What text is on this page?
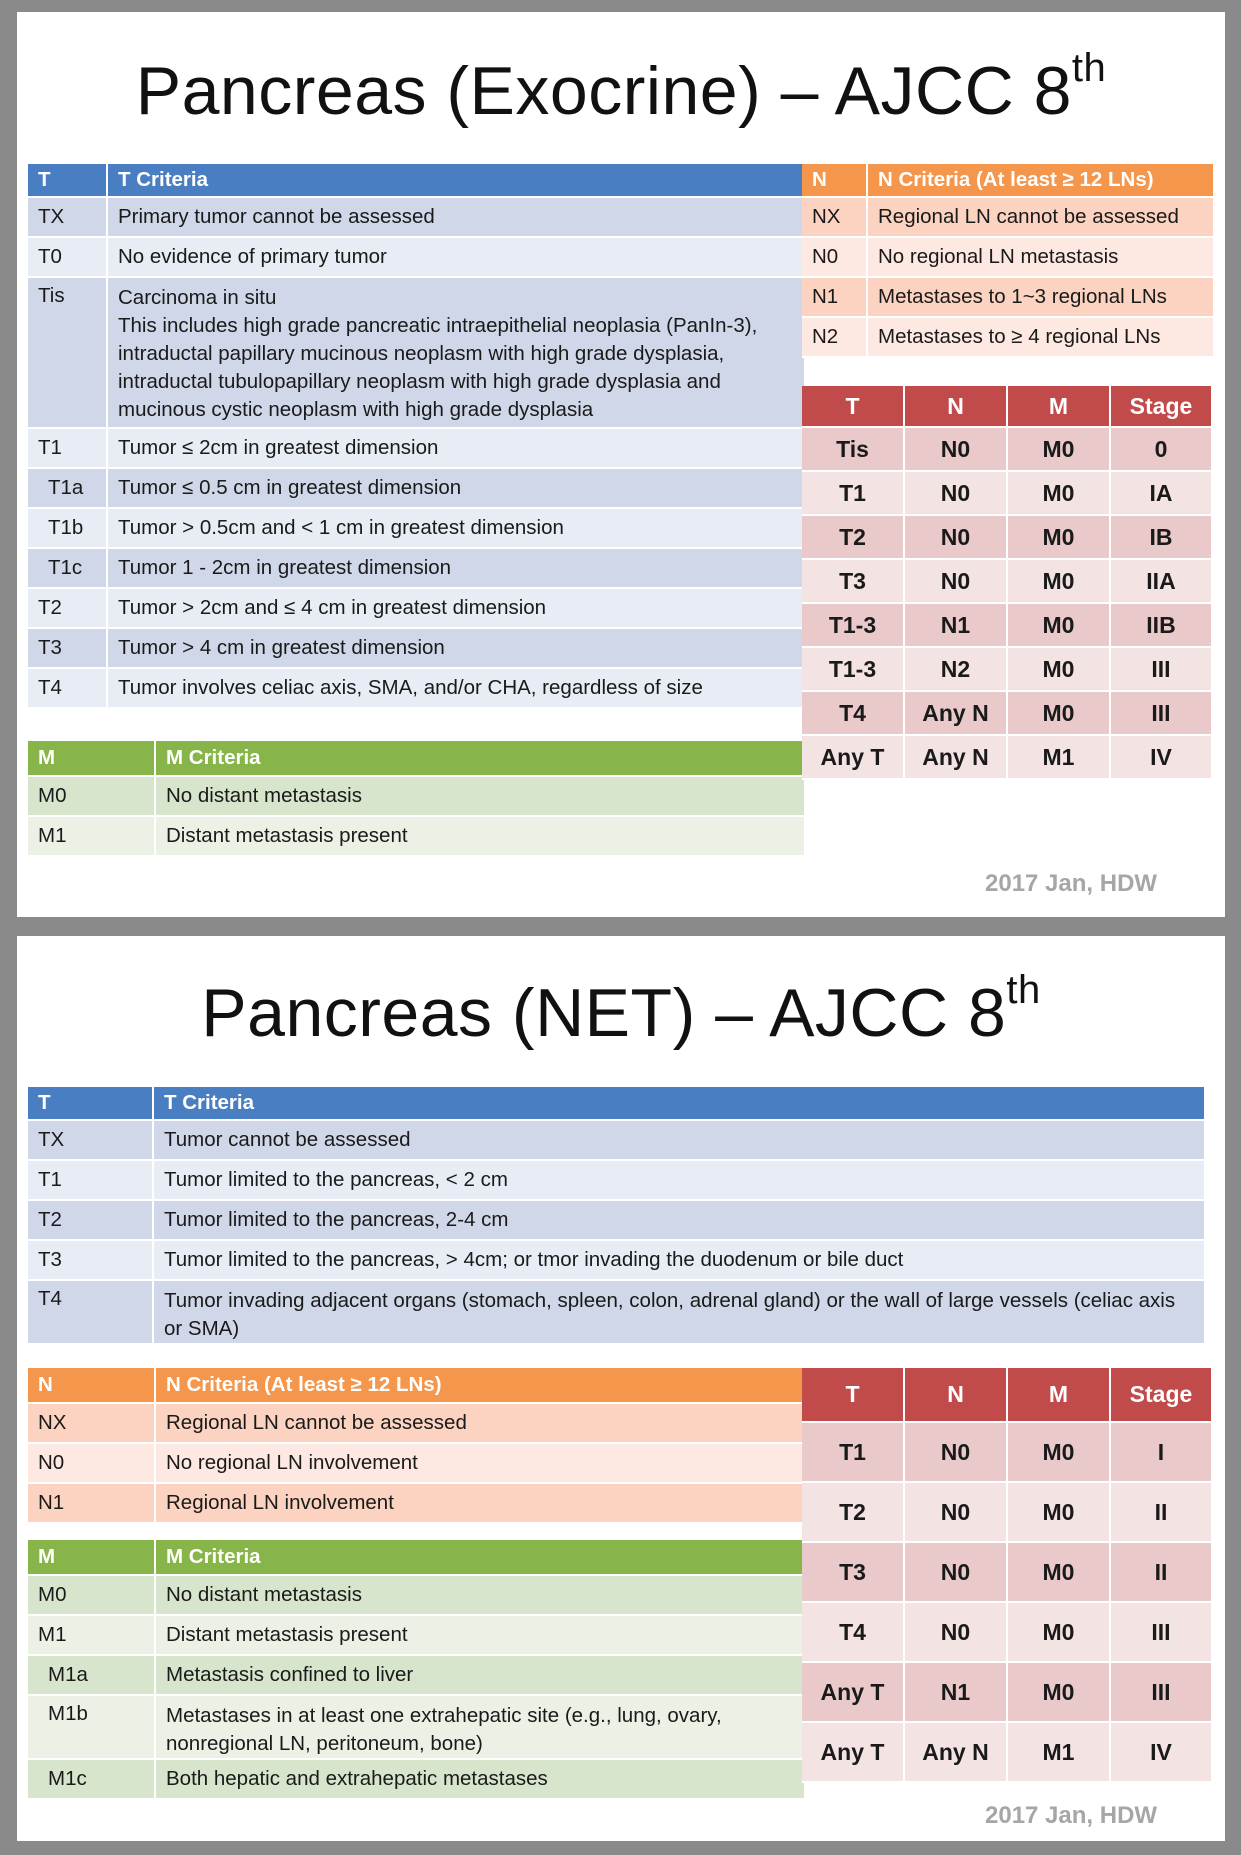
Pancreas (Exocrine) – AJCC 8th
T	T Criteria
TX	Primary tumor cannot be assessed
T0	No evidence of primary tumor
Tis	Carcinoma in situ
This includes high grade pancreatic intraepithelial neoplasia (PanIn-3), intraductal papillary mucinous neoplasm with high grade dysplasia, intraductal tubulopapillary neoplasm with high grade dysplasia and mucinous cystic neoplasm with high grade dysplasia

T1	Tumor ≤ 2cm in greatest dimension
T1a	Tumor ≤ 0.5 cm in greatest dimension
T1b	Tumor > 0.5cm and < 1 cm in greatest dimension
T1c	Tumor 1 - 2cm in greatest dimension
T2	Tumor > 2cm and ≤ 4 cm in greatest dimension
T3	Tumor > 4 cm in greatest dimension
T4	Tumor involves celiac axis, SMA, and/or CHA, regardless of size
M	M Criteria
M0	No distant metastasis
M1	Distant metastasis present
N	N Criteria (At least ≥ 12 LNs)
NX	Regional LN cannot be assessed
N0	No regional LN metastasis
N1	Metastases to 1~3 regional LNs
N2	Metastases to ≥ 4 regional LNs
T	N	M	Stage
Tis	N0	M0	0
T1	N0	M0	IA
T2	N0	M0	IB
T3	N0	M0	IIA
T1-3	N1	M0	IIB
T1-3	N2	M0	III
T4	Any N	M0	III
Any T	Any N	M1	IV
2017 Jan, HDW
Pancreas (NET) – AJCC 8th
T	T Criteria
TX	Tumor cannot be assessed
T1	Tumor limited to the pancreas, < 2 cm
T2	Tumor limited to the pancreas, 2-4 cm
T3	Tumor limited to the pancreas, > 4cm; or tmor invading the duodenum or bile duct
T4	Tumor invading adjacent organs (stomach, spleen, colon, adrenal gland) or the wall of large vessels (celiac axis or SMA)
N	N Criteria (At least ≥ 12 LNs)
NX	Regional LN cannot be assessed
N0	No regional LN involvement
N1	Regional LN involvement
M	M Criteria
M0	No distant metastasis
M1	Distant metastasis present
M1a	Metastasis confined to liver
M1b	Metastases in at least one extrahepatic site (e.g., lung, ovary, nonregional LN, peritoneum, bone)
M1c	Both hepatic and extrahepatic metastases
T	N	M	Stage
T1	N0	M0	I
T2	N0	M0	II
T3	N0	M0	II
T4	N0	M0	III
Any T	N1	M0	III
Any T	Any N	M1	IV
2017 Jan, HDW
